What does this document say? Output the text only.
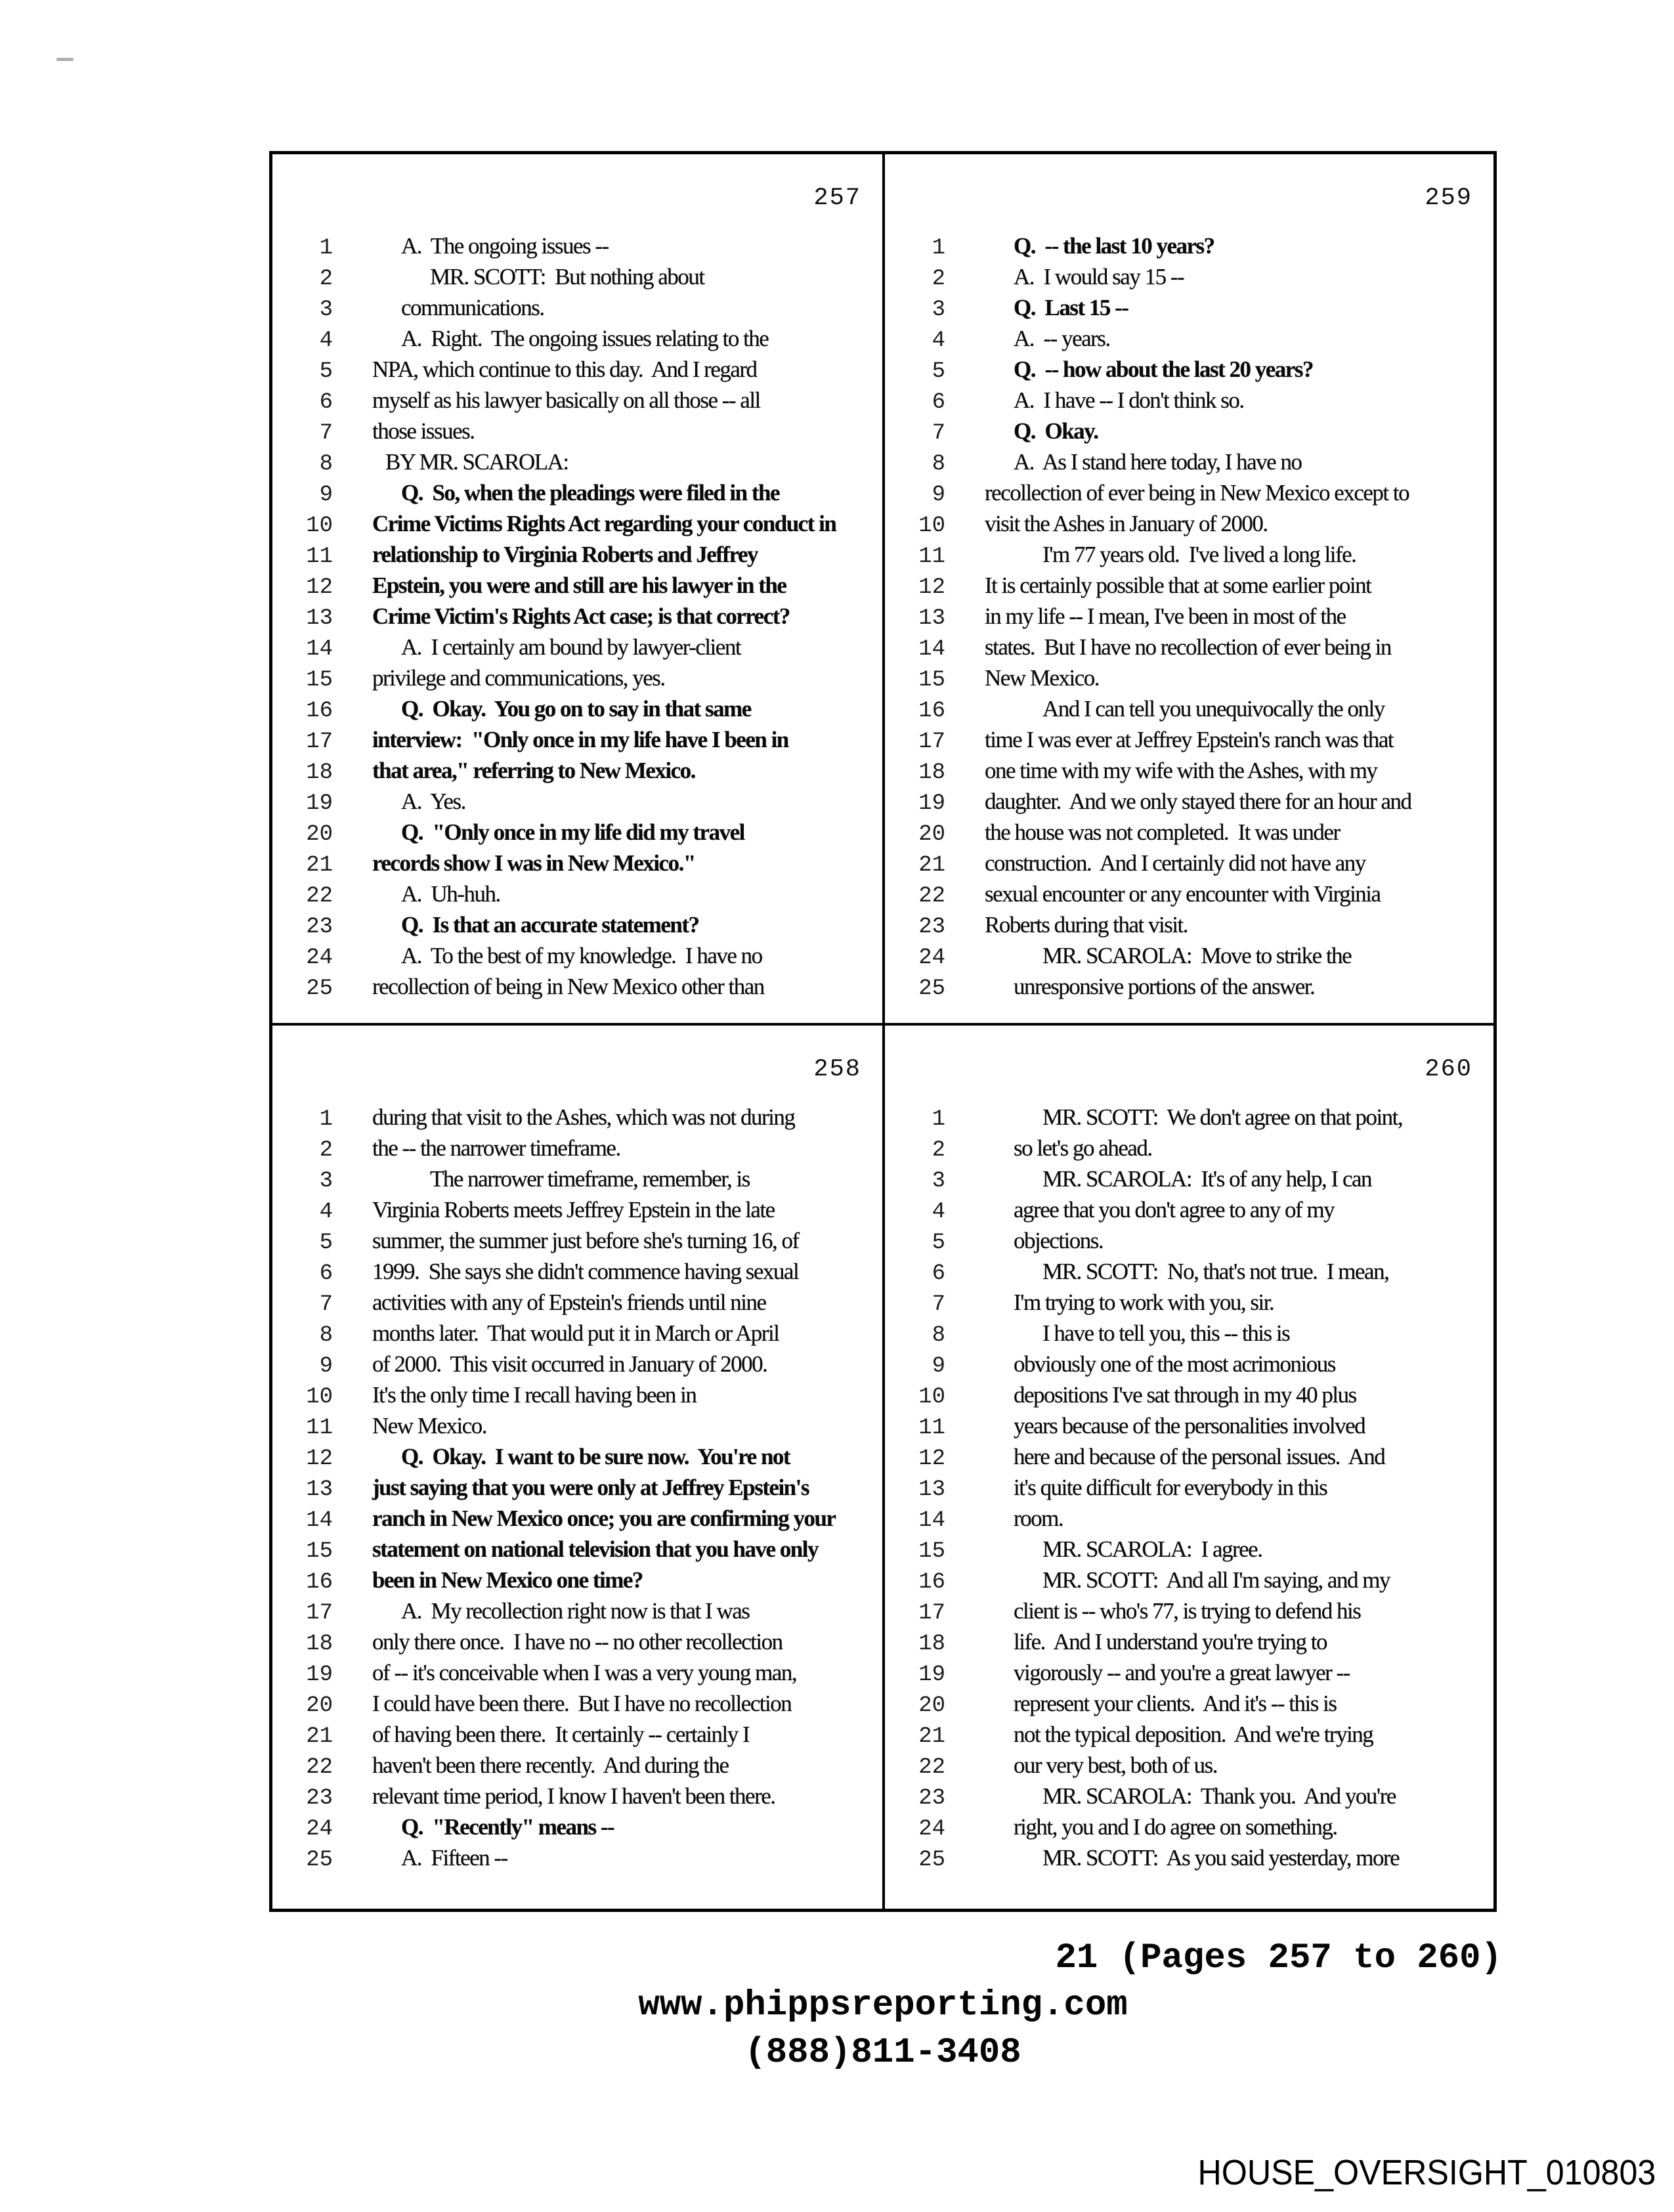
257
1	A.  The ongoing issues --
2	MR. SCOTT:  But nothing about
3	communications.
4	A.  Right.  The ongoing issues relating to the
5 NPA, which continue to this day.  And I regard
6 myself as his lawyer basically on all those -- all
7 those issues.
8 BY MR. SCAROLA:
9	Q.  So, when the pleadings were filed in the
10 Crime Victims Rights Act regarding your conduct in
11 relationship to Virginia Roberts and Jeffrey
12 Epstein, you were and still are his lawyer in the
13 Crime Victim's Rights Act case; is that correct?
14	A.  I certainly am bound by lawyer-client
15 privilege and communications, yes.
16	Q.  Okay.  You go on to say in that same
17 interview:  "Only once in my life have I been in
18 that area," referring to New Mexico.
19	A.  Yes.
20	Q.  "Only once in my life did my travel
21 records show I was in New Mexico."
22	A.  Uh-huh.
23	Q.  Is that an accurate statement?
24	A.  To the best of my knowledge.  I have no
25 recollection of being in New Mexico other than
259
1	Q.  -- the last 10 years?
2	A.  I would say 15 --
3	Q.  Last 15 --
4	A.  -- years.
5	Q.  -- how about the last 20 years?
6	A.  I have -- I don't think so.
7	Q.  Okay.
8	A.  As I stand here today, I have no
9 recollection of ever being in New Mexico except to
10 visit the Ashes in January of 2000.
11	I'm 77 years old.  I've lived a long life.
12 It is certainly possible that at some earlier point
13 in my life -- I mean, I've been in most of the
14 states.  But I have no recollection of ever being in
15 New Mexico.
16	And I can tell you unequivocally the only
17 time I was ever at Jeffrey Epstein's ranch was that
18 one time with my wife with the Ashes, with my
19 daughter.  And we only stayed there for an hour and
20 the house was not completed.  It was under
21 construction.  And I certainly did not have any
22 sexual encounter or any encounter with Virginia
23 Roberts during that visit.
24	MR. SCAROLA:  Move to strike the
25	unresponsive portions of the answer.
258
1 during that visit to the Ashes, which was not during
2 the -- the narrower timeframe.
3	The narrower timeframe, remember, is
4 Virginia Roberts meets Jeffrey Epstein in the late
5 summer, the summer just before she's turning 16, of
6 1999.  She says she didn't commence having sexual
7 activities with any of Epstein's friends until nine
8 months later.  That would put it in March or April
9 of 2000.  This visit occurred in January of 2000.
10 It's the only time I recall having been in
11 New Mexico.
12	Q.  Okay.  I want to be sure now.  You're not
13 just saying that you were only at Jeffrey Epstein's
14 ranch in New Mexico once; you are confirming your
15 statement on national television that you have only
16 been in New Mexico one time?
17	A.  My recollection right now is that I was
18 only there once.  I have no -- no other recollection
19 of -- it's conceivable when I was a very young man,
20 I could have been there.  But I have no recollection
21 of having been there.  It certainly -- certainly I
22 haven't been there recently.  And during the
23 relevant time period, I know I haven't been there.
24	Q.  "Recently" means --
25	A.  Fifteen --
260
1	MR. SCOTT:  We don't agree on that point,
2	so let's go ahead.
3	MR. SCAROLA:  It's of any help, I can
4	agree that you don't agree to any of my
5	objections.
6	MR. SCOTT:  No, that's not true.  I mean,
7	I'm trying to work with you, sir.
8	I have to tell you, this -- this is
9	obviously one of the most acrimonious
10	depositions I've sat through in my 40 plus
11	years because of the personalities involved
12	here and because of the personal issues.  And
13	it's quite difficult for everybody in this
14	room.
15	MR. SCAROLA:  I agree.
16	MR. SCOTT:  And all I'm saying, and my
17	client is -- who's 77, is trying to defend his
18	life.  And I understand you're trying to
19	vigorously -- and you're a great lawyer --
20	represent your clients.  And it's -- this is
21	not the typical deposition.  And we're trying
22	our very best, both of us.
23	MR. SCAROLA:  Thank you.  And you're
24	right, you and I do agree on something.
25	MR. SCOTT:  As you said yesterday, more
21 (Pages 257 to 260)
www.phippsreporting.com
(888)811-3408
HOUSE_OVERSIGHT_010803
